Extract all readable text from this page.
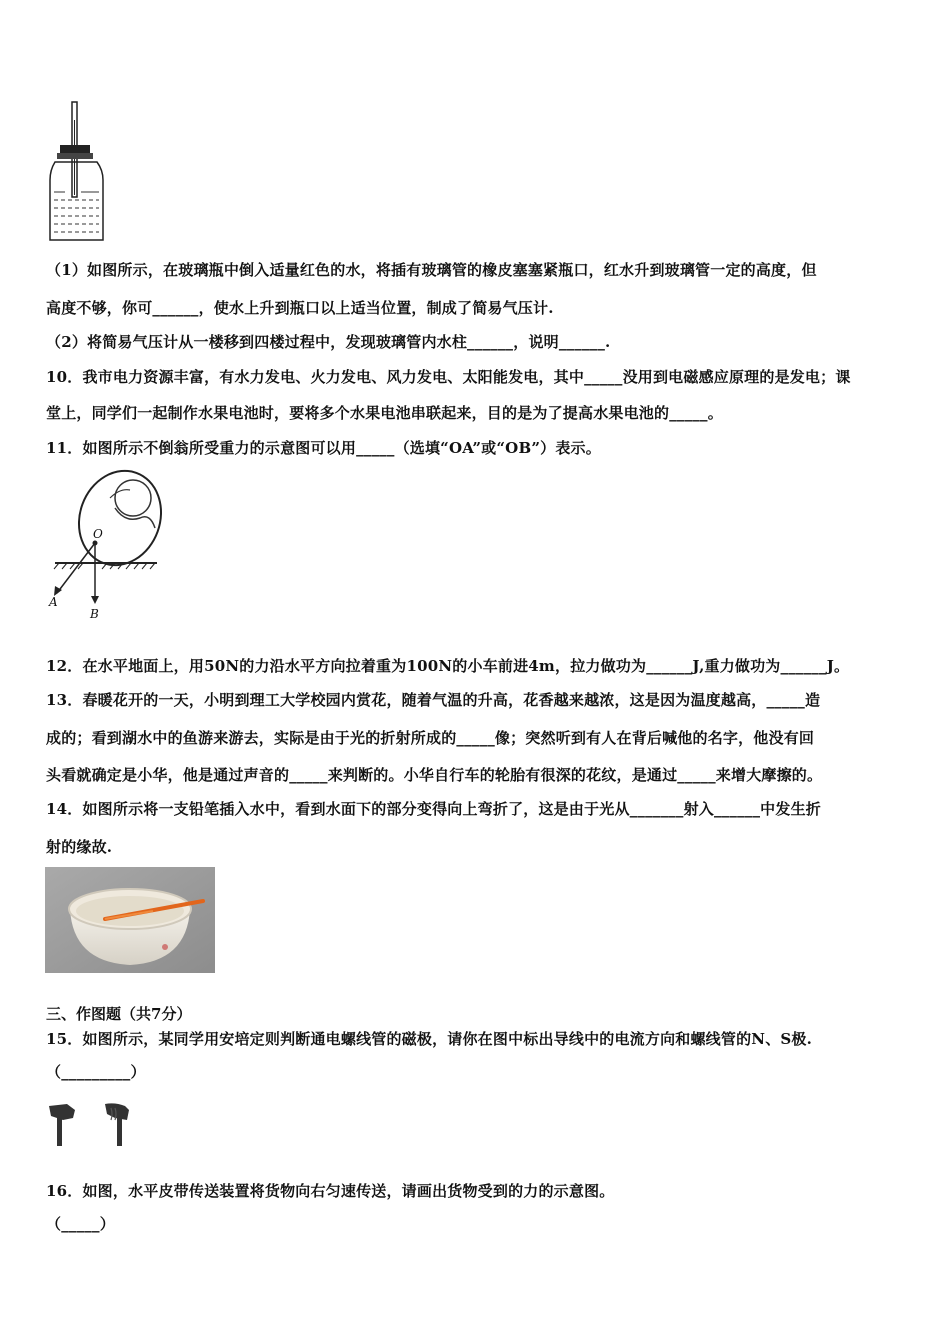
（1）如图所示，在玻璃瓶中倒入适量红色的水，将插有玻璃管的橡皮塞塞紧瓶口，红水升到玻璃管一定的高度，但
高度不够，你可______，使水上升到瓶口以上适当位置，制成了简易气压计.
（2）将简易气压计从一楼移到四楼过程中，发现玻璃管内水柱______，说明______.
10．我市电力资源丰富，有水力发电、火力发电、风力发电、太阳能发电，其中_____没用到电磁感应原理的是发电；课
堂上，同学们一起制作水果电池时，要将多个水果电池串联起来，目的是为了提高水果电池的_____。
11．如图所示不倒翁所受重力的示意图可以用_____（选填“OA”或“OB”）表示。
O
A
B
12．在水平地面上，用50N的力沿水平方向拉着重为100N的小车前进4m，拉力做功为______J,重力做功为______J。
13．春暖花开的一天，小明到理工大学校园内赏花，随着气温的升高，花香越来越浓，这是因为温度越高，_____造
成的；看到湖水中的鱼游来游去，实际是由于光的折射所成的_____像；突然听到有人在背后喊他的名字，他没有回
头看就确定是小华，他是通过声音的_____来判断的。小华自行车的轮胎有很深的花纹，是通过_____来增大摩擦的。
14．如图所示将一支铅笔插入水中，看到水面下的部分变得向上弯折了，这是由于光从_______射入______中发生折
射的缘故.
三、作图题（共7分）
15．如图所示，某同学用安培定则判断通电螺线管的磁极，请你在图中标出导线中的电流方向和螺线管的N、S极.
（_________）
16．如图，水平皮带传送装置将货物向右匀速传送，请画出货物受到的力的示意图。
（_____）
